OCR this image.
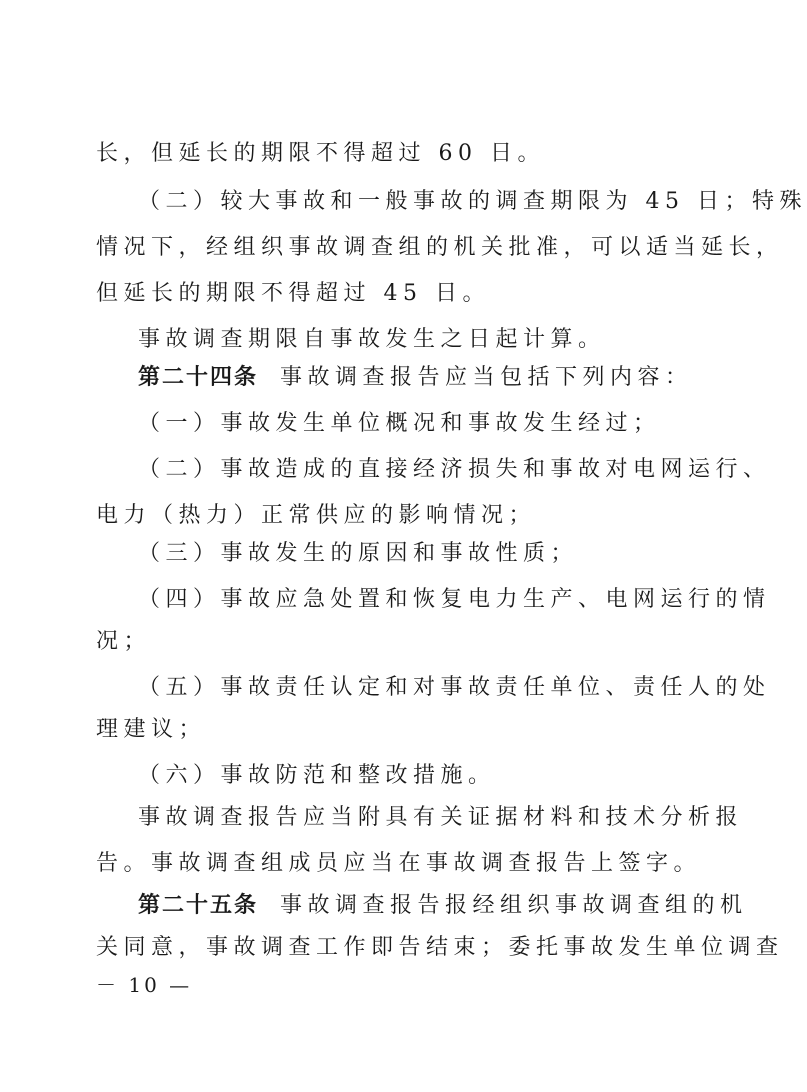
长，但延长的期限不得超过 60 日。
（二）较大事故和一般事故的调查期限为 45 日；特殊
情况下，经组织事故调查组的机关批准，可以适当延长，
但延长的期限不得超过 45 日。
事故调查期限自事故发生之日起计算。
第二十四条 事故调查报告应当包括下列内容：
（一）事故发生单位概况和事故发生经过；
（二）事故造成的直接经济损失和事故对电网运行、
电力（热力）正常供应的影响情况；
（三）事故发生的原因和事故性质；
（四）事故应急处置和恢复电力生产、电网运行的情
况；
（五）事故责任认定和对事故责任单位、责任人的处
理建议；
（六）事故防范和整改措施。
事故调查报告应当附具有关证据材料和技术分析报
告。事故调查组成员应当在事故调查报告上签字。
第二十五条 事故调查报告报经组织事故调查组的机
关同意，事故调查工作即告结束；委托事故发生单位调查
－ 10 —
